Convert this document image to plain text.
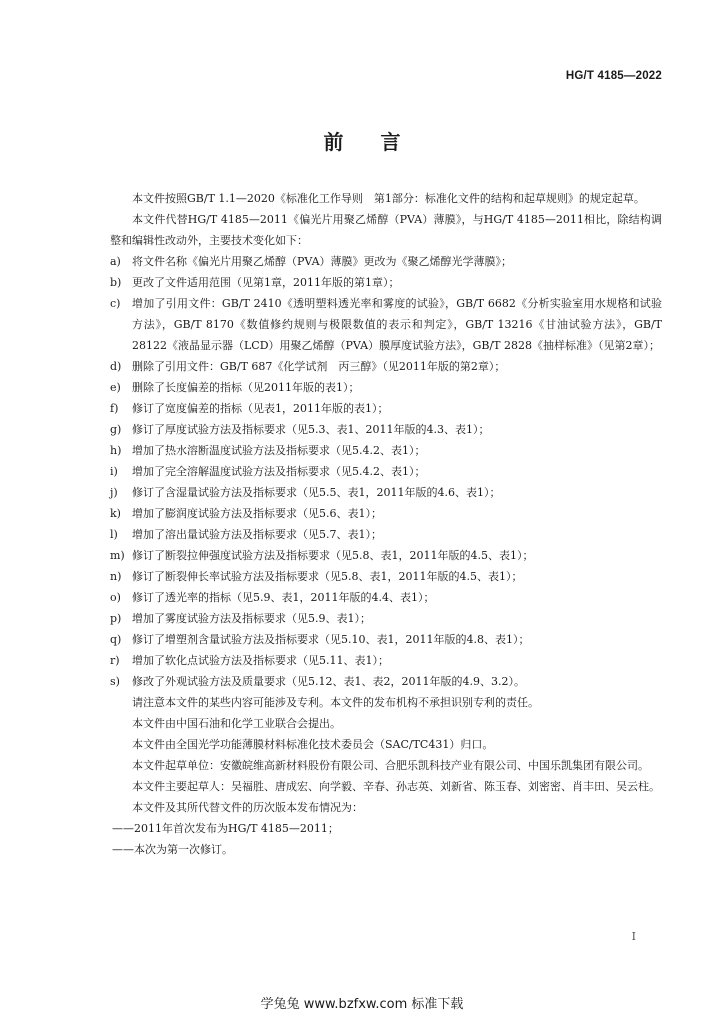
HG/T 4185—2022
前 言

本文件按照GB/T 1.1—2020《标准化工作导则　第1部分：标准化文件的结构和起草规则》的规定起草。

本文件代替HG/T 4185—2011《偏光片用聚乙烯醇（PVA）薄膜》，与HG/T 4185—2011相比，除结构调整和编辑性改动外，主要技术变化如下：

a)	将文件名称《偏光片用聚乙烯醇（PVA）薄膜》更改为《聚乙烯醇光学薄膜》；
b) 更改了文件适用范围（见第1章，2011年版的第1章）；
c)	增加了引用文件：GB/T 2410《透明塑料透光率和雾度的试验》，GB/T 6682《分析实验室用水规格和试验方法》，GB/T 8170《数值修约规则与极限数值的表示和判定》，GB/T 13216《甘油试验方法》，GB/T 28122《液晶显示器（LCD）用聚乙烯醇（PVA）膜厚度试验方法》，GB/T 2828《抽样标准》（见第2章）；
d) 删除了引用文件：GB/T 687《化学试剂　丙三醇》（见2011年版的第2章）；
e)	删除了长度偏差的指标（见2011年版的表1）；
f)	修订了宽度偏差的指标（见表1，2011年版的表1）；
g) 修订了厚度试验方法及指标要求（见5.3、表1、2011年版的4.3、表1）；
h) 增加了热水溶断温度试验方法及指标要求（见5.4.2、表1）；
i)	增加了完全溶解温度试验方法及指标要求（见5.4.2、表1）；
j)	修订了含湿量试验方法及指标要求（见5.5、表1，2011年版的4.6、表1）；
k)	增加了膨润度试验方法及指标要求（见5.6、表1）；
l)	增加了溶出量试验方法及指标要求（见5.7、表1）；
m) 修订了断裂拉伸强度试验方法及指标要求（见5.8、表1，2011年版的4.5、表1）；
n) 修订了断裂伸长率试验方法及指标要求（见5.8、表1，2011年版的4.5、表1）；
o)	修订了透光率的指标（见5.9、表1，2011年版的4.4、表1）；
p) 增加了雾度试验方法及指标要求（见5.9、表1）；
q) 修订了增塑剂含量试验方法及指标要求（见5.10、表1，2011年版的4.8、表1）；
r)	增加了软化点试验方法及指标要求（见5.11、表1）；
s)	修改了外观试验方法及质量要求（见5.12、表1、表2，2011年版的4.9、3.2）。

请注意本文件的某些内容可能涉及专利。本文件的发布机构不承担识别专利的责任。

本文件由中国石油和化学工业联合会提出。

本文件由全国光学功能薄膜材料标准化技术委员会（SAC/TC431）归口。

本文件起草单位：安徽皖维高新材料股份有限公司、合肥乐凯科技产业有限公司、中国乐凯集团有限公司。

本文件主要起草人：吴福胜、唐成宏、向学毅、辛春、孙志英、刘新省、陈玉春、刘密密、肖丰田、吴云柱。

本文件及其所代替文件的历次版本发布情况为：

——2011年首次发布为HG/T 4185—2011；

——本次为第一次修订。

I
学兔兔 www.bzfxw.com 标准下载
